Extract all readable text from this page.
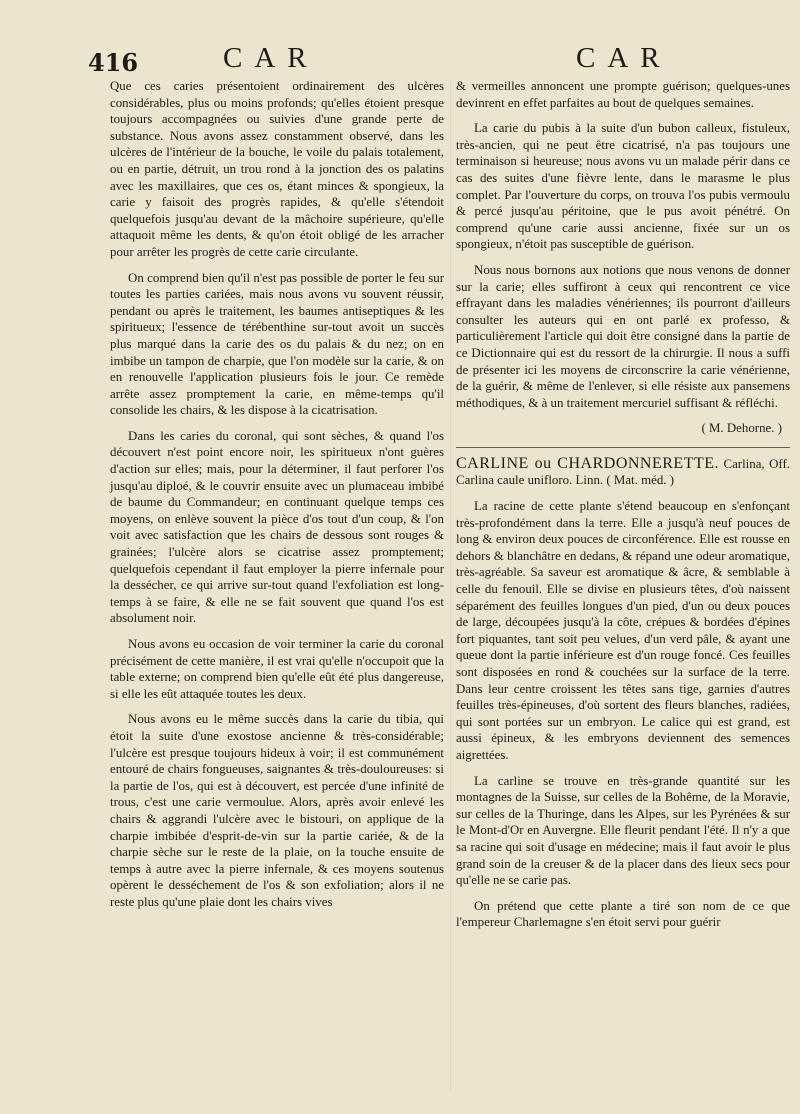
416	CAR	CAR

Que ces caries présentoient ordinairement des ulcères considérables, plus ou moins profonds; qu'elles étoient presque toujours accompagnées ou suivies d'une grande perte de substance. Nous avons assez constamment observé, dans les ulcères de l'intérieur de la bouche, le voile du palais totalement, ou en partie, détruit, un trou rond à la jonction des os palatins avec les maxillaires, que ces os, étant minces & spongieux, la carie y faisoit des progrès rapides, & qu'elle s'étendoit quelquefois jusqu'au devant de la mâchoire supérieure, qu'elle attaquoit même les dents, & qu'on étoit obligé de les arracher pour arrêter les progrès de cette carie circulante.

On comprend bien qu'il n'est pas possible de porter le feu sur toutes les parties cariées, mais nous avons vu souvent réussir, pendant ou après le traitement, les baumes antiseptiques & les spiritueux; l'essence de térébenthine sur-tout avoit un succès plus marqué dans la carie des os du palais & du nez; on en imbibe un tampon de charpie, que l'on modèle sur la carie, & on en renouvelle l'application plusieurs fois le jour. Ce remède arrête assez promptement la carie, en même-temps qu'il consolide les chairs, & les dispose à la cicatrisation.

Dans les caries du coronal, qui sont sèches, & quand l'os découvert n'est point encore noir, les spiritueux n'ont guères d'action sur elles; mais, pour la déterminer, il faut perforer l'os jusqu'au diploé, & le couvrir ensuite avec un plumaceau imbibé de baume du Commandeur; en continuant quelque temps ces moyens, on enlève souvent la pièce d'os tout d'un coup, & l'on voit avec satisfaction que les chairs de dessous sont rouges & grainées; l'ulcère alors se cicatrise assez promptement; quelquefois cependant il faut employer la pierre infernale pour la dessécher, ce qui arrive sur-tout quand l'exfoliation est long-temps à se faire, & elle ne se fait souvent que quand l'os est absolument noir.

Nous avons eu occasion de voir terminer la carie du coronal précisément de cette manière, il est vrai qu'elle n'occupoit que la table externe; on comprend bien qu'elle eût été plus dangereuse, si elle les eût attaquée toutes les deux.

Nous avons eu le même succès dans la carie du tibia, qui étoit la suite d'une exostose ancienne & très-considérable; l'ulcère est presque toujours hideux à voir; il est communément entouré de chairs fongueuses, saignantes & très-douloureuses: si la partie de l'os, qui est à découvert, est percée d'une infinité de trous, c'est une carie vermoulue. Alors, après avoir enlevé les chairs & aggrandi l'ulcère avec le bistouri, on applique de la charpie imbibée d'esprit-de-vin sur la partie cariée, & de la charpie sèche sur le reste de la plaie, on la touche ensuite de temps à autre avec la pierre infernale, & ces moyens soutenus opèrent le desséchement de l'os & son exfoliation; alors il ne reste plus qu'une plaie dont les chairs vives

& vermeilles annoncent une prompte guérison; quelques-unes devinrent en effet parfaites au bout de quelques semaines.

La carie du pubis à la suite d'un bubon calleux, fistuleux, très-ancien, qui ne peut être cicatrisé, n'a pas toujours une terminaison si heureuse; nous avons vu un malade périr dans ce cas des suites d'une fièvre lente, dans le marasme le plus complet. Par l'ouverture du corps, on trouva l'os pubis vermoulu & percé jusqu'au péritoine, que le pus avoit pénétré. On comprend qu'une carie aussi ancienne, fixée sur un os spongieux, n'étoit pas susceptible de guérison.

Nous nous bornons aux notions que nous venons de donner sur la carie; elles suffiront à ceux qui rencontrent ce vice effrayant dans les maladies vénériennes; ils pourront d'ailleurs consulter les auteurs qui en ont parlé ex professo, & particulièrement l'article qui doit être consigné dans la partie de ce Dictionnaire qui est du ressort de la chirurgie. Il nous a suffi de présenter ici les moyens de circonscrire la carie vénérienne, de la guérir, & même de l'enlever, si elle résiste aux pansemens méthodiques, & à un traitement mercuriel suffisant & réfléchi.

( M. Dehorne. )

CARLINE ou CHARDONNERETTE. Carlina, Off. Carlina caule unifloro. Linn. ( Mat. méd. )

La racine de cette plante s'étend beaucoup en s'enfonçant très-profondément dans la terre. Elle a jusqu'à neuf pouces de long & environ deux pouces de circonférence. Elle est rousse en dehors & blanchâtre en dedans, & répand une odeur aromatique, très-agréable. Sa saveur est aromatique & âcre, & semblable à celle du fenouil. Elle se divise en plusieurs têtes, d'où naissent séparément des feuilles longues d'un pied, d'un ou deux pouces de large, découpées jusqu'à la côte, crépues & bordées d'épines fort piquantes, tant soit peu velues, d'un verd pâle, & ayant une queue dont la partie inférieure est d'un rouge foncé. Ces feuilles sont disposées en rond & couchées sur la surface de la terre. Dans leur centre croissent les têtes sans tige, garnies d'autres feuilles très-épineuses, d'où sortent des fleurs blanches, radiées, qui sont portées sur un embryon. Le calice qui est grand, est aussi épineux, & les embryons deviennent des semences aigrettées.

La carline se trouve en très-grande quantité sur les montagnes de la Suisse, sur celles de la Bohême, de la Moravie, sur celles de la Thuringe, dans les Alpes, sur les Pyrénées & sur le Mont-d'Or en Auvergne. Elle fleurit pendant l'été. Il n'y a que sa racine qui soit d'usage en médecine; mais il faut avoir le plus grand soin de la creuser & de la placer dans des lieux secs pour qu'elle ne se carie pas.

On prétend que cette plante a tiré son nom de ce que l'empereur Charlemagne s'en étoit servi pour guérir
